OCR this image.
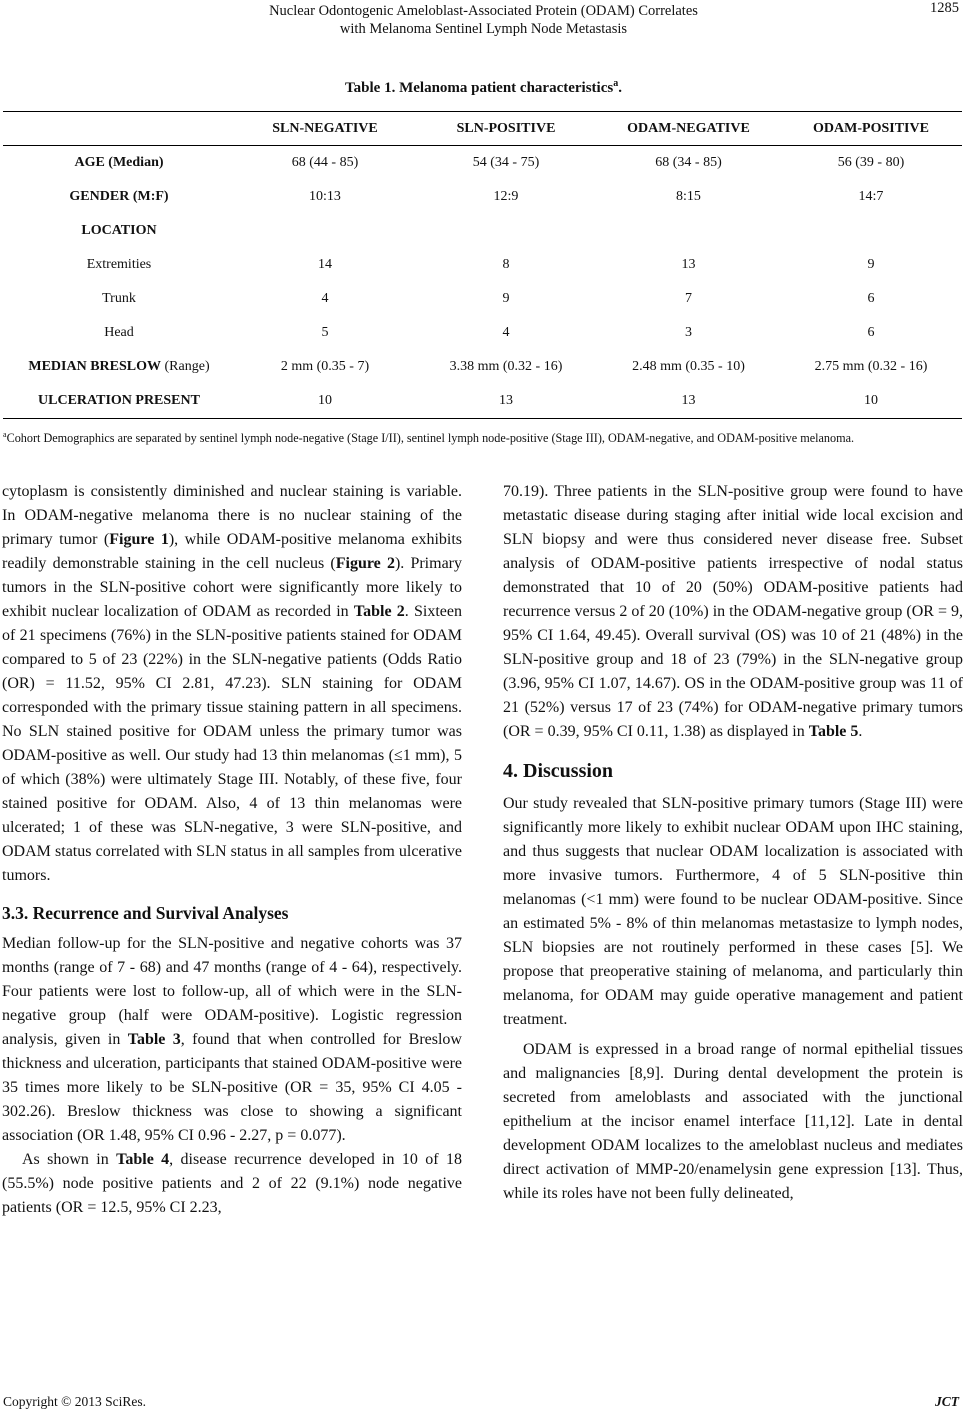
Nuclear Odontogenic Ameloblast-Associated Protein (ODAM) Correlates
with Melanoma Sentinel Lymph Node Metastasis
1285
Table 1. Melanoma patient characteristics$^a$.
	SLN-NEGATIVE	SLN-POSITIVE	ODAM-NEGATIVE	ODAM-POSITIVE
AGE (Median)	68 (44 - 85)	54 (34 - 75)	68 (34 - 85)	56 (39 - 80)
GENDER (M:F)	10:13	12:9	8:15	14:7
LOCATION				
Extremities	14	8	13	9
Trunk	4	9	7	6
Head	5	4	3	6
MEDIAN BRESLOW (Range)	2 mm (0.35 - 7)	3.38 mm (0.32 - 16)	2.48 mm (0.35 - 10)	2.75 mm (0.32 - 16)
ULCERATION PRESENT	10	13	13	10
$^a$Cohort Demographics are separated by sentinel lymph node-negative (Stage I/II), sentinel lymph node-positive (Stage III), ODAM-negative, and ODAM-positive melanoma.

cytoplasm is consistently diminished and nuclear staining is variable. In ODAM-negative melanoma there is no nuclear staining of the primary tumor (Figure 1), while ODAM-positive melanoma exhibits readily demonstrable staining in the cell nucleus (Figure 2). Primary tumors in the SLN-positive cohort were significantly more likely to exhibit nuclear localization of ODAM as recorded in Table 2. Sixteen of 21 specimens (76%) in the SLN-positive patients stained for ODAM compared to 5 of 23 (22%) in the SLN-negative patients (Odds Ratio (OR) = 11.52, 95% CI 2.81, 47.23). SLN staining for ODAM corresponded with the primary tissue staining pattern in all specimens. No SLN stained positive for ODAM unless the primary tumor was ODAM-positive as well. Our study had 13 thin melanomas (≤1 mm), 5 of which (38%) were ultimately Stage III. Notably, of these five, four stained positive for ODAM. Also, 4 of 13 thin melanomas were ulcerated; 1 of these was SLN-negative, 3 were SLN-positive, and ODAM status correlated with SLN status in all samples from ulcerative tumors.

3.3. Recurrence and Survival Analyses

Median follow-up for the SLN-positive and negative cohorts was 37 months (range of 7 - 68) and 47 months (range of 4 - 64), respectively. Four patients were lost to follow-up, all of which were in the SLN-negative group (half were ODAM-positive). Logistic regression analysis, given in Table 3, found that when controlled for Breslow thickness and ulceration, participants that stained ODAM-positive were 35 times more likely to be SLN-positive (OR = 35, 95% CI 4.05 - 302.26). Breslow thickness was close to showing a significant association (OR 1.48, 95% CI 0.96 - 2.27, p = 0.077).

As shown in Table 4, disease recurrence developed in 10 of 18 (55.5%) node positive patients and 2 of 22 (9.1%) node negative patients (OR = 12.5, 95% CI 2.23,

70.19). Three patients in the SLN-positive group were found to have metastatic disease during staging after initial wide local excision and SLN biopsy and were thus considered never disease free. Subset analysis of ODAM-positive patients irrespective of nodal status demonstrated that 10 of 20 (50%) ODAM-positive patients had recurrence versus 2 of 20 (10%) in the ODAM-negative group (OR = 9, 95% CI 1.64, 49.45). Overall survival (OS) was 10 of 21 (48%) in the SLN-positive group and 18 of 23 (79%) in the SLN-negative group (3.96, 95% CI 1.07, 14.67). OS in the ODAM-positive group was 11 of 21 (52%) versus 17 of 23 (74%) for ODAM-negative primary tumors (OR = 0.39, 95% CI 0.11, 1.38) as displayed in Table 5.

4. Discussion

Our study revealed that SLN-positive primary tumors (Stage III) were significantly more likely to exhibit nuclear ODAM upon IHC staining, and thus suggests that nuclear ODAM localization is associated with more invasive tumors. Furthermore, 4 of 5 SLN-positive thin melanomas (<1 mm) were found to be nuclear ODAM-positive. Since an estimated 5% - 8% of thin melanomas metastasize to lymph nodes, SLN biopsies are not routinely performed in these cases [5]. We propose that preoperative staining of melanoma, and particularly thin melanoma, for ODAM may guide operative management and patient treatment.

ODAM is expressed in a broad range of normal epithelial tissues and malignancies [8,9]. During dental development the protein is secreted from ameloblasts and associated with the junctional epithelium at the incisor enamel interface [11,12]. Late in dental development ODAM localizes to the ameloblast nucleus and mediates direct activation of MMP-20/enamelysin gene expression [13]. Thus, while its roles have not been fully delineated,

Copyright © 2013 SciRes.	JCT
